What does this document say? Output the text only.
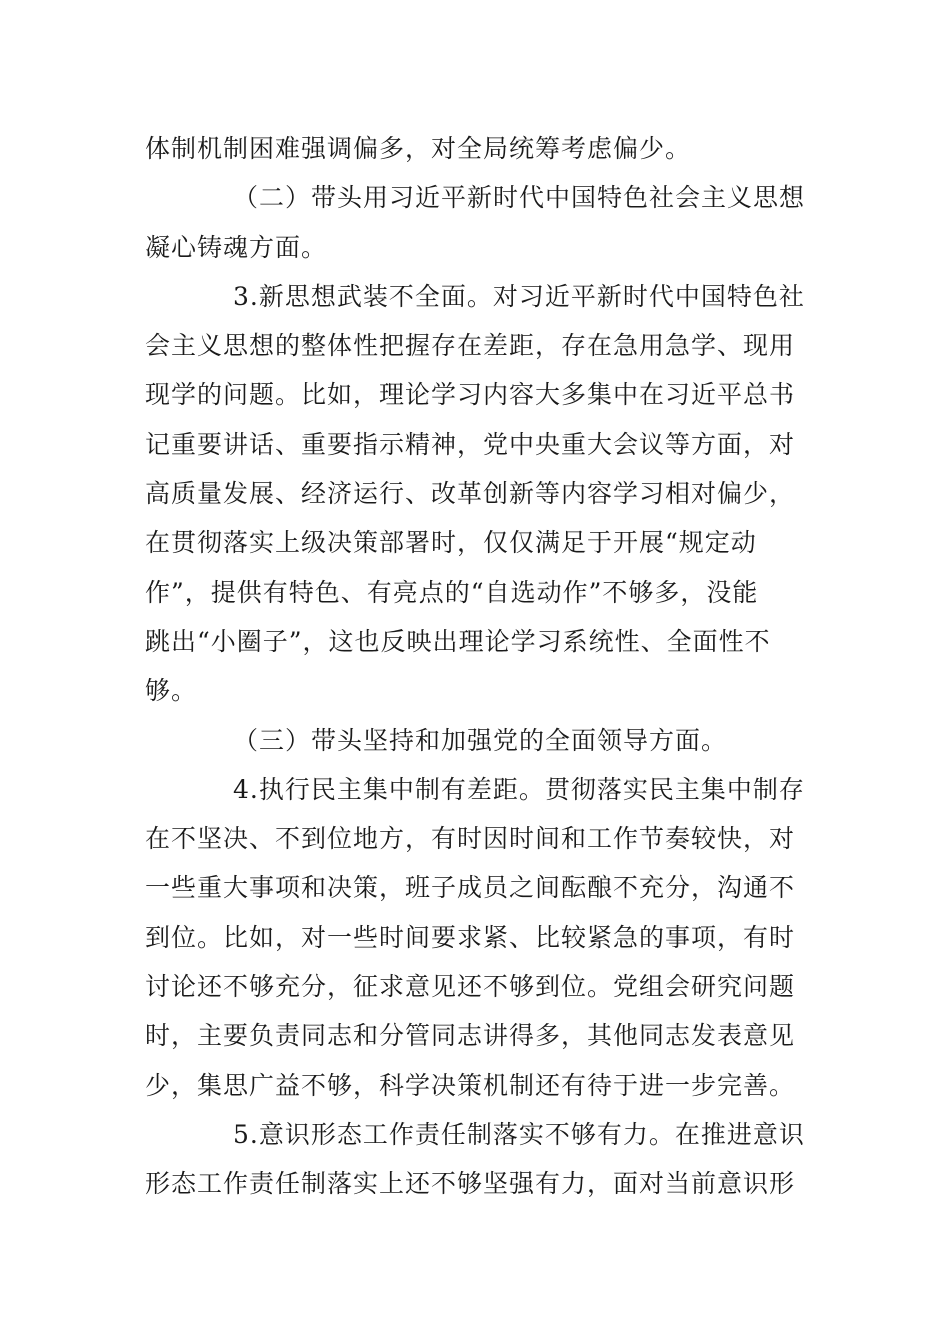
体制机制困难强调偏多，对全局统筹考虑偏少。
（二）带头用习近平新时代中国特色社会主义思想
凝心铸魂方面。
3.新思想武装不全面。对习近平新时代中国特色社
会主义思想的整体性把握存在差距，存在急用急学、现用
现学的问题。比如，理论学习内容大多集中在习近平总书
记重要讲话、重要指示精神，党中央重大会议等方面，对
高质量发展、经济运行、改革创新等内容学习相对偏少，
在贯彻落实上级决策部署时，仅仅满足于开展“规定动
作”，提供有特色、有亮点的“自选动作”不够多，没能
跳出“小圈子”，这也反映出理论学习系统性、全面性不
够。
（三）带头坚持和加强党的全面领导方面。
4.执行民主集中制有差距。贯彻落实民主集中制存
在不坚决、不到位地方，有时因时间和工作节奏较快，对
一些重大事项和决策，班子成员之间酝酿不充分，沟通不
到位。比如，对一些时间要求紧、比较紧急的事项，有时
讨论还不够充分，征求意见还不够到位。党组会研究问题
时，主要负责同志和分管同志讲得多，其他同志发表意见
少，集思广益不够，科学决策机制还有待于进一步完善。
5.意识形态工作责任制落实不够有力。在推进意识
形态工作责任制落实上还不够坚强有力，面对当前意识形
